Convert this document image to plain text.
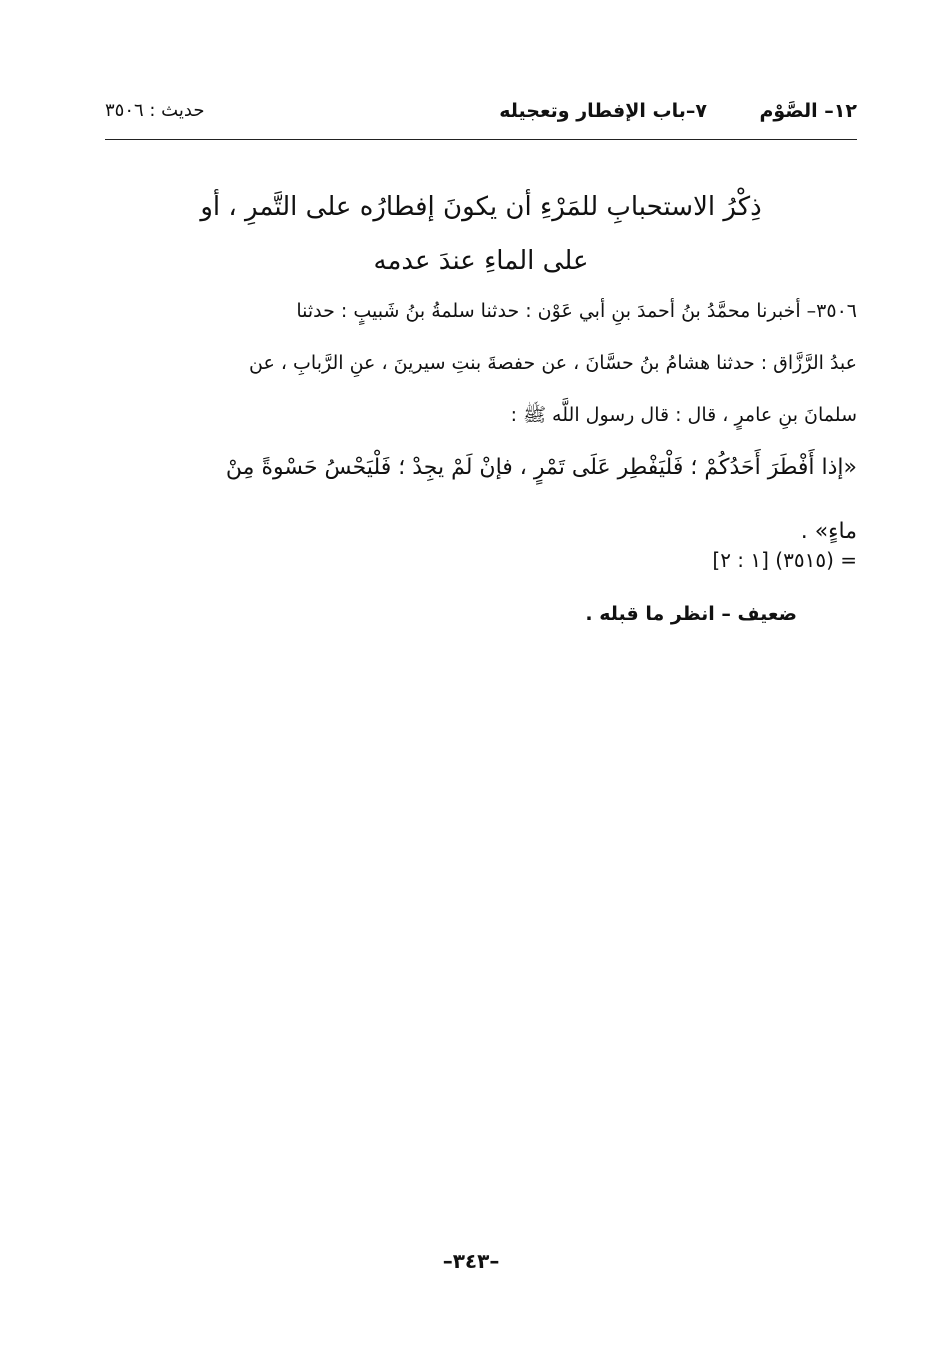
١٢– الصَّوْم
٧–باب الإفطار وتعجيله
حديث : ٣٥٠٦
ذِكْرُ الاستحبابِ للمَرْءِ أن يكونَ إفطارُه على التَّمرِ ، أو
على الماءِ عندَ عدمه
٣٥٠٦– أخبرنا محمَّدُ بنُ أحمدَ بنِ أبي عَوْن : حدثنا سلمةُ بنُ شَبيبٍ : حدثنا
عبدُ الرَّزَّاق : حدثنا هشامُ بنُ حسَّانَ ، عن حفصةَ بنتِ سيرينَ ، عنِ الرَّبابِ ، عن
سلمانَ بنِ عامرٍ ، قال : قال رسول اللَّه ﷺ :
«إذا أَفْطَرَ أَحَدُكُمْ ؛ فَلْيَفْطِر عَلَى تَمْرٍ ، فإنْ لَمْ يجِدْ ؛ فَلْيَحْسُ حَسْوةً مِنْ
ماءٍ» .
= (٣٥١٥) [١ : ٢]
ضعيف – انظر ما قبله .
–٣٤٣–
